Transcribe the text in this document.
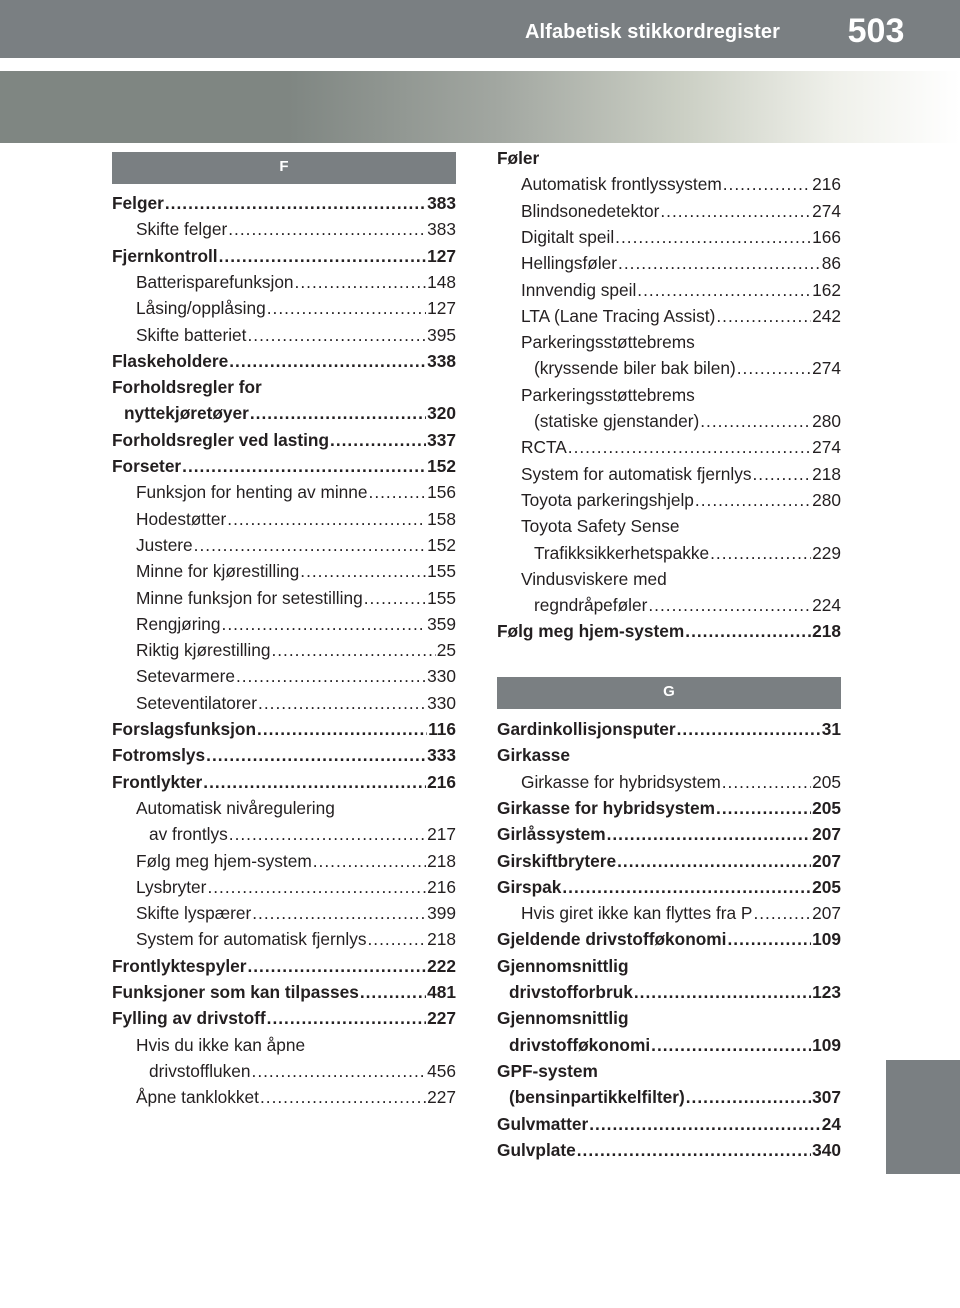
Alfabetisk stikkordregister	503
F
Felger .....	383
Skifte felger .....	383
Fjernkontroll .....	127
Batterisparefunksjon .....	148
Låsing/opplåsing .....	127
Skifte batteriet .....	395
Flaskeholdere .....	338
Forholdsregler for
nyttekjøretøyer .....	320
Forholdsregler ved lasting .....	337
Forseter .....	152
Funksjon for henting av minne .....	156
Hodestøtter .....	158
Justere .....	152
Minne for kjørestilling .....	155
Minne funksjon for setestilling .....	155
Rengjøring .....	359
Riktig kjørestilling .....	25
Setevarmere .....	330
Seteventilatorer .....	330
Forslagsfunksjon .....	116
Fotromslys .....	333
Frontlykter .....	216
Automatisk nivåregulering
av frontlys .....	217
Følg meg hjem-system .....	218
Lysbryter .....	216
Skifte lyspærer .....	399
System for automatisk fjernlys .....	218
Frontlyktespyler .....	222
Funksjoner som kan tilpasses .....	481
Fylling av drivstoff .....	227
Hvis du ikke kan åpne
drivstoffluken .....	456
Åpne tanklokket .....	227
Føler
Automatisk frontlyssystem .....	216
Blindsonedetektor .....	274
Digitalt speil .....	166
Hellingsføler .....	86
Innvendig speil .....	162
LTA (Lane Tracing Assist) .....	242
Parkeringsstøttebrems
(kryssende biler bak bilen) .....	274
Parkeringsstøttebrems
(statiske gjenstander) .....	280
RCTA .....	274
System for automatisk fjernlys .....	218
Toyota parkeringshjelp .....	280
Toyota Safety Sense
Trafikksikkerhetspakke .....	229
Vindusviskere med
regndråpeføler .....	224
Følg meg hjem-system .....	218
G
Gardinkollisjonsputer .....	31
Girkasse
Girkasse for hybridsystem .....	205
Girkasse for hybridsystem .....	205
Girlåssystem .....	207
Girskiftbrytere .....	207
Girspak .....	205
Hvis giret ikke kan flyttes fra P .....	207
Gjeldende drivstofføkonomi .....	109
Gjennomsnittlig
drivstofforbruk .....	123
Gjennomsnittlig
drivstofføkonomi .....	109
GPF-system
(bensinpartikkelfilter) .....	307
Gulvmatter .....	24
Gulvplate .....	340
